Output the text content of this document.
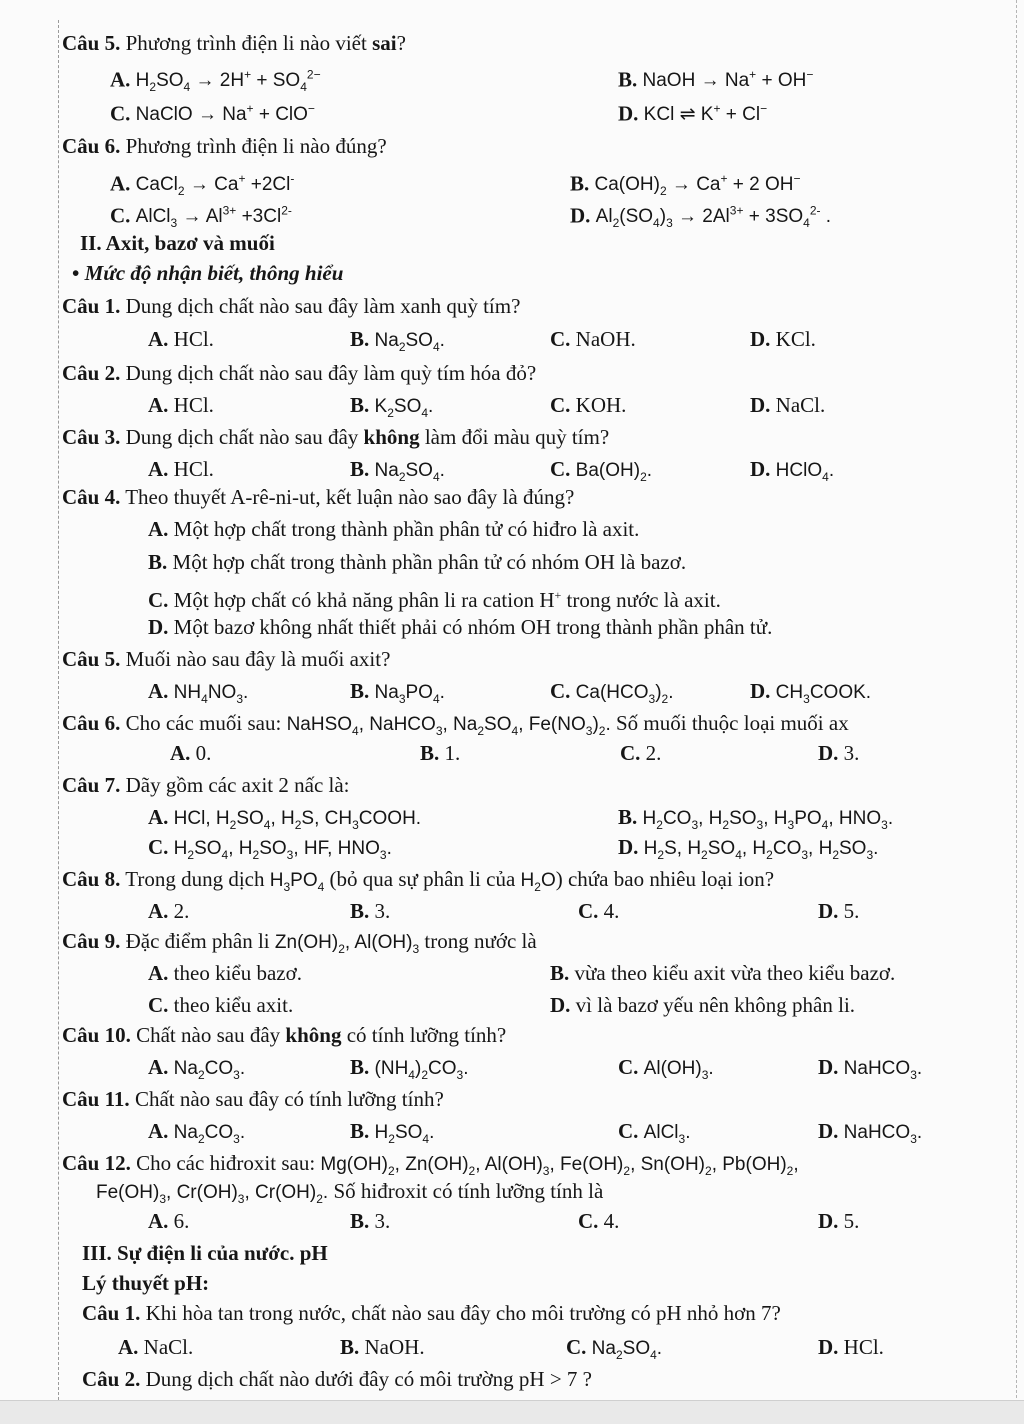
Câu 5. Phương trình điện li nào viết sai?
A. $H_2SO_4 \to 2H^+ + SO_4^{2-}$	B. NaOH → Na+ + OH−
C. NaClO → Na+ + ClO−	D. KCl ⇌ K+ + Cl−
Câu 6. Phương trình điện li nào đúng?
A. CaCl$_2$ → Ca+ +2Cl-	B. $Ca(OH)_2 \to Ca^+ + 2$ OH−
C. AlCl$_3$ → $Al^{3+} +3Cl^{2-}$	D. $Al_2(SO_4)_3 \to 2Al^{3+} + 3SO_4^{2-}$ .
II. Axit, bazơ và muối
• Mức độ nhận biết, thông hiểu
Câu 1. Dung dịch chất nào sau đây làm xanh quỳ tím?
A. HCl.	B. $Na_2SO_4$.	C. NaOH.	D. KCl.
Câu 2. Dung dịch chất nào sau đây làm quỳ tím hóa đỏ?
A. HCl.	B. $K_2SO_4$.	C. KOH.	D. NaCl.
Câu 3. Dung dịch chất nào sau đây không làm đổi màu quỳ tím?
A. HCl.	B. $Na_2SO_4$.	C. $Ba(OH)_2$.	D. HClO$_4$.
Câu 4. Theo thuyết A-rê-ni-ut, kết luận nào sao đây là đúng?
A. Một hợp chất trong thành phần phân tử có hiđro là axit.
B. Một hợp chất trong thành phần phân tử có nhóm OH là bazơ.
C. Một hợp chất có khả năng phân li ra cation H+ trong nước là axit.
D. Một bazơ không nhất thiết phải có nhóm OH trong thành phần phân tử.
Câu 5. Muối nào sau đây là muối axit?
A. $NH_4NO_3$.	B. $Na_3PO_4$.	C. $Ca(HCO_3)_2$.	D. $CH_3COOK$.
Câu 6. Cho các muối sau: NaHSO$_4$, NaHCO$_3$, $Na_2SO_4$, $Fe(NO_3)_2$. Số muối thuộc loại muối ax
A. 0.	B. 1.	C. 2.	D. 3.
Câu 7. Dãy gồm các axit 2 nấc là:
A. HCl, $H_2SO_4$, $H_2S$, $CH_3COOH$.	B. $H_2CO_3$, $H_2SO_3$, $H_3PO_4$, $HNO_3$.
C. $H_2SO_4$, $H_2SO_3$, HF, $HNO_3$.	D. $H_2S$, $H_2SO_4$, $H_2CO_3$, $H_2SO_3$.
Câu 8. Trong dung dịch $H_3PO_4$ (bỏ qua sự phân li của $H_2O$) chứa bao nhiêu loại ion?
A. 2.	B. 3.	C. 4.	D. 5.
Câu 9. Đặc điểm phân li $Zn(OH)_2$, $Al(OH)_3$ trong nước là
A. theo kiểu bazơ.	B. vừa theo kiểu axit vừa theo kiểu bazơ.
C. theo kiểu axit.	D. vì là bazơ yếu nên không phân li.
Câu 10. Chất nào sau đây không có tính lưỡng tính?
A. $Na_2CO_3$.	B. $(NH_4)_2CO_3$.	C. $Al(OH)_3$.	D. NaHCO$_3$.
Câu 11. Chất nào sau đây có tính lưỡng tính?
A. $Na_2CO_3$.	B. $H_2SO_4$.	C. AlCl$_3$.	D. NaHCO$_3$.
Câu 12. Cho các hiđroxit sau: $Mg(OH)_2$, $Zn(OH)_2$, $Al(OH)_3$, $Fe(OH)_2$, $Sn(OH)_2$, $Pb(OH)_2$,
$Fe(OH)_3$, $Cr(OH)_3$, $Cr(OH)_2$. Số hiđroxit có tính lưỡng tính là
A. 6.	B. 3.	C. 4.	D. 5.
III. Sự điện li của nước. pH
Lý thuyết pH:
Câu 1. Khi hòa tan trong nước, chất nào sau đây cho môi trường có pH nhỏ hơn 7?
A. NaCl.	B. NaOH.	C. $Na_2SO_4$.	D. HCl.
Câu 2. Dung dịch chất nào dưới đây có môi trường pH > 7 ?
